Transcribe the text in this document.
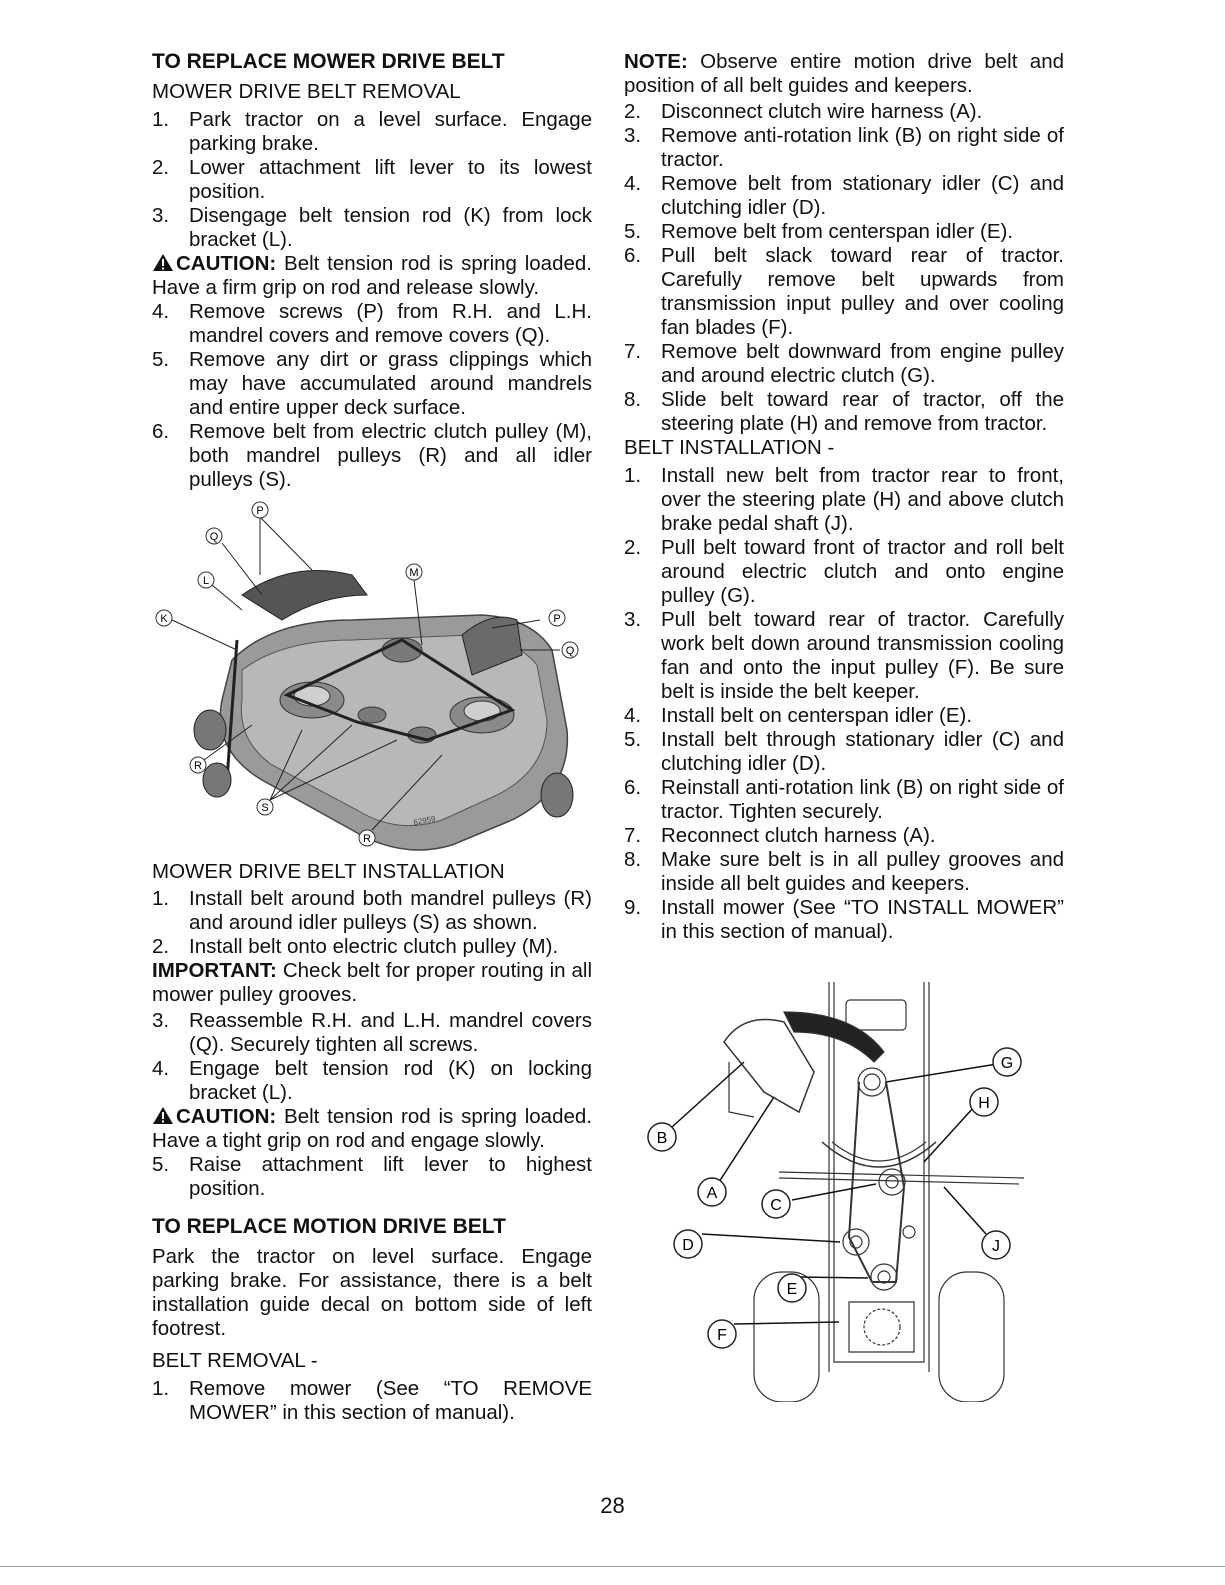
TO REPLACE MOWER DRIVE BELT
MOWER DRIVE BELT REMOVAL
1. Park tractor on a level surface. Engage parking brake.
2. Lower attachment lift lever to its lowest position.
3. Disengage belt tension rod (K) from lock bracket (L).
CAUTION: Belt tension rod is spring loaded. Have a firm grip on rod and release slowly.
4. Remove screws (P) from R.H. and L.H. mandrel covers and remove covers (Q).
5. Remove any dirt or grass clippings which may have accumulated around mandrels and entire upper deck surface.
6. Remove belt from electric clutch pulley (M), both mandrel pulleys (R) and all idler pulleys (S).
Q
P
L
M
K	P
Q
R
S
R
62959
MOWER DRIVE BELT INSTALLATION
1. Install belt around both mandrel pulleys (R) and around idler pulleys (S) as shown.
2. Install belt onto electric clutch pulley (M).
IMPORTANT: Check belt for proper routing in all mower pulley grooves.
3. Reassemble R.H. and L.H. mandrel covers (Q). Securely tighten all screws.
4. Engage belt tension rod (K) on locking bracket (L).
CAUTION: Belt tension rod is spring loaded. Have a tight grip on rod and engage slowly.
5. Raise attachment lift lever to highest position.
TO REPLACE MOTION DRIVE BELT
Park the tractor on level surface. Engage parking brake. For assistance, there is a belt installation guide decal on bottom side of left footrest.
BELT REMOVAL -
1. Remove mower (See “TO REMOVE MOWER” in this section of manual).
NOTE: Observe entire motion drive belt and position of all belt guides and keepers.
2. Disconnect clutch wire harness (A).
3. Remove anti-rotation link (B) on right side of tractor.
4. Remove belt from stationary idler (C) and clutching idler (D).
5. Remove belt from centerspan idler (E).
6. Pull belt slack toward rear of tractor. Carefully remove belt upwards from transmission input pulley and over cooling fan blades (F).
7. Remove belt downward from engine pulley and around electric clutch (G).
8. Slide belt toward rear of tractor, off the steering plate (H) and remove from tractor.
BELT INSTALLATION -
1. Install new belt from tractor rear to front, over the steering plate (H) and above clutch brake pedal shaft (J).
2. Pull belt toward front of tractor and roll belt around electric clutch and onto engine pulley (G).
3. Pull belt toward rear of tractor. Carefully work belt down around transmission cooling fan and onto the input pulley (F). Be sure belt is inside the belt keeper.
4. Install belt on centerspan idler (E).
5. Install belt through stationary idler (C) and clutching idler (D).
6. Reinstall anti-rotation link (B) on right side of tractor. Tighten securely.
7. Reconnect clutch harness (A).
8. Make sure belt is in all pulley grooves and inside all belt guides and keepers.
9. Install mower (See “TO INSTALL MOWER” in this section of manual).
G
H
B
A
C
J
D
E
F
28
